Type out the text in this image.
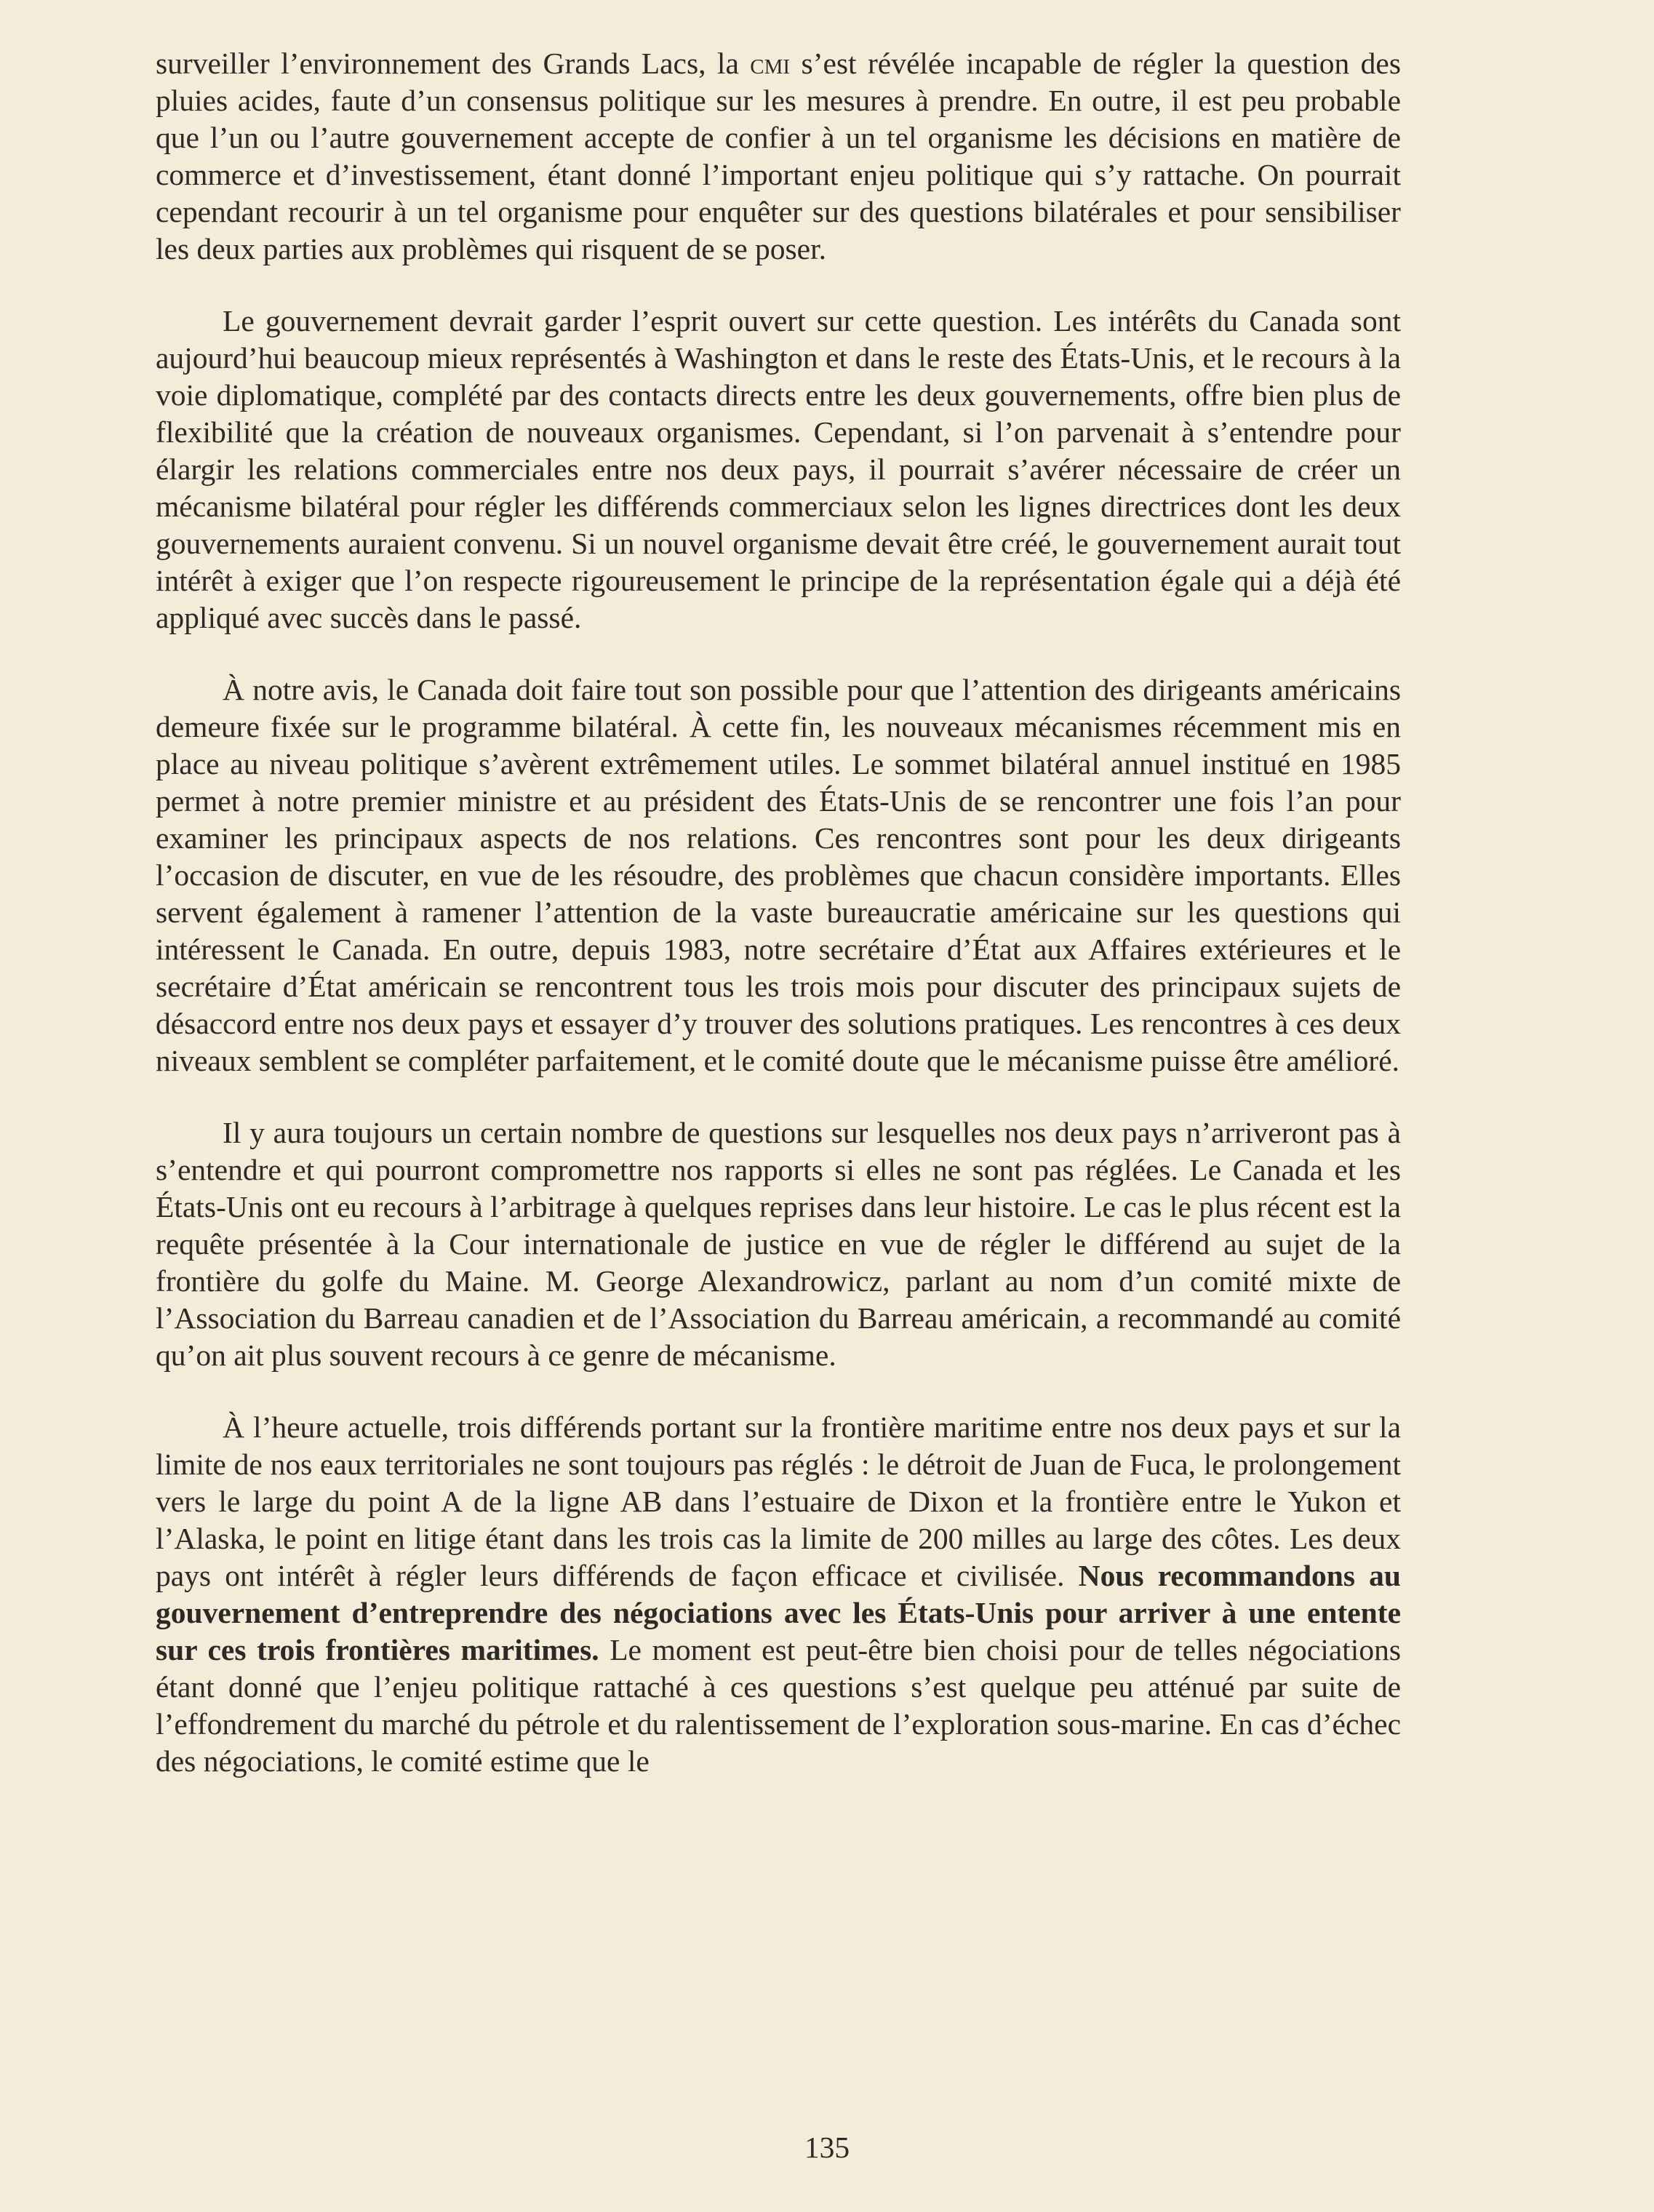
surveiller l’environnement des Grands Lacs, la cmi s’est révélée incapable de régler la question des pluies acides, faute d’un consensus politique sur les mesures à prendre. En outre, il est peu probable que l’un ou l’autre gouvernement accepte de confier à un tel organisme les décisions en matière de commerce et d’investissement, étant donné l’important enjeu politique qui s’y rattache. On pourrait cependant recourir à un tel organisme pour enquêter sur des questions bilatérales et pour sensibiliser les deux parties aux problèmes qui risquent de se poser.

Le gouvernement devrait garder l’esprit ouvert sur cette question. Les intérêts du Canada sont aujourd’hui beaucoup mieux représentés à Washington et dans le reste des États-Unis, et le recours à la voie diplomatique, complété par des contacts directs entre les deux gouvernements, offre bien plus de flexibilité que la création de nouveaux organismes. Cependant, si l’on parvenait à s’entendre pour élargir les relations commerciales entre nos deux pays, il pourrait s’avérer nécessaire de créer un mécanisme bilatéral pour régler les différends commerciaux selon les lignes directrices dont les deux gouvernements auraient convenu. Si un nouvel organisme devait être créé, le gouvernement aurait tout intérêt à exiger que l’on respecte rigoureusement le principe de la représentation égale qui a déjà été appliqué avec succès dans le passé.

À notre avis, le Canada doit faire tout son possible pour que l’attention des dirigeants américains demeure fixée sur le programme bilatéral. À cette fin, les nouveaux mécanismes récemment mis en place au niveau politique s’avèrent extrêmement utiles. Le sommet bilatéral annuel institué en 1985 permet à notre premier ministre et au président des États-Unis de se rencontrer une fois l’an pour examiner les principaux aspects de nos relations. Ces rencontres sont pour les deux dirigeants l’occasion de discuter, en vue de les résoudre, des problèmes que chacun considère importants. Elles servent également à ramener l’attention de la vaste bureaucratie américaine sur les questions qui intéressent le Canada. En outre, depuis 1983, notre secrétaire d’État aux Affaires extérieures et le secrétaire d’État américain se rencontrent tous les trois mois pour discuter des principaux sujets de désaccord entre nos deux pays et essayer d’y trouver des solutions pratiques. Les rencontres à ces deux niveaux semblent se compléter parfaitement, et le comité doute que le mécanisme puisse être amélioré.

Il y aura toujours un certain nombre de questions sur lesquelles nos deux pays n’arriveront pas à s’entendre et qui pourront compromettre nos rapports si elles ne sont pas réglées. Le Canada et les États-Unis ont eu recours à l’arbitrage à quelques reprises dans leur histoire. Le cas le plus récent est la requête présentée à la Cour internationale de justice en vue de régler le différend au sujet de la frontière du golfe du Maine. M. George Alexandrowicz, parlant au nom d’un comité mixte de l’Association du Barreau canadien et de l’Association du Barreau américain, a recommandé au comité qu’on ait plus souvent recours à ce genre de mécanisme.

À l’heure actuelle, trois différends portant sur la frontière maritime entre nos deux pays et sur la limite de nos eaux territoriales ne sont toujours pas réglés : le détroit de Juan de Fuca, le prolongement vers le large du point A de la ligne AB dans l’estuaire de Dixon et la frontière entre le Yukon et l’Alaska, le point en litige étant dans les trois cas la limite de 200 milles au large des côtes. Les deux pays ont intérêt à régler leurs différends de façon efficace et civilisée. Nous recommandons au gouvernement d’entreprendre des négociations avec les États-Unis pour arriver à une entente sur ces trois frontières maritimes. Le moment est peut-être bien choisi pour de telles négociations étant donné que l’enjeu politique rattaché à ces questions s’est quelque peu atténué par suite de l’effondrement du marché du pétrole et du ralentissement de l’exploration sous-marine. En cas d’échec des négociations, le comité estime que le

135
